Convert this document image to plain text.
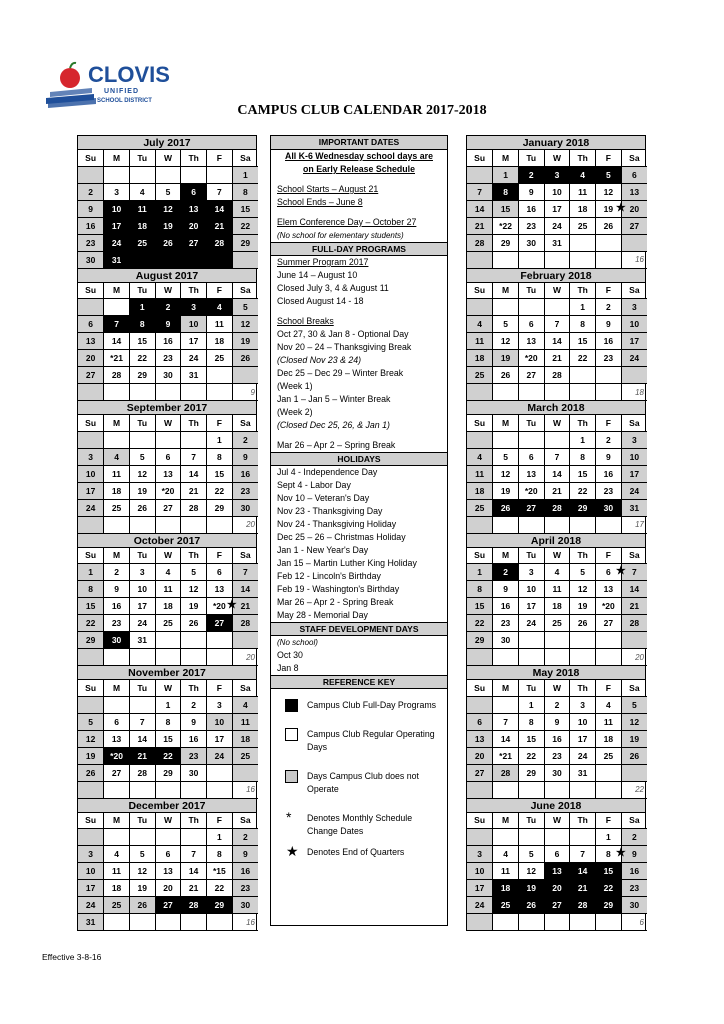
CLOVIS
UNIFIED
SCHOOL DISTRICT
CAMPUS CLUB CALENDAR 2017-2018
July 2017
Su	M	Tu	W	Th	F	Sa
						1
2	3	4	5	6	7	8
9	10	11	12	13	14	15
16	17	18	19	20	21	22
23	24	25	26	27	28	29
30	31					
August 2017
Su	M	Tu	W	Th	F	Sa
		1	2	3	4	5
6	7	8	9	10	11	12
13	14	15	16	17	18	19
20	*21	22	23	24	25	26
27	28	29	30	31		
						9
September 2017
Su	M	Tu	W	Th	F	Sa
					1	2
3	4	5	6	7	8	9
10	11	12	13	14	15	16
17	18	19	*20	21	22	23
24	25	26	27	28	29	30
						20
October 2017
Su	M	Tu	W	Th	F	Sa
1	2	3	4	5	6	7
8	9	10	11	12	13	14
15	16	17	18	19	*20 ★	21
22	23	24	25	26	27	28
29	30	31				
						20
November 2017
Su	M	Tu	W	Th	F	Sa
			1	2	3	4
5	6	7	8	9	10	11
12	13	14	15	16	17	18
19	*20	21	22	23	24	25
26	27	28	29	30		
						16
December 2017
Su	M	Tu	W	Th	F	Sa
					1	2
3	4	5	6	7	8	9
10	11	12	13	14	*15	16
17	18	19	20	21	22	23
24	25	26	27	28	29	30
31						16
January 2018
Su	M	Tu	W	Th	F	Sa
	1	2	3	4	5	6
7	8	9	10	11	12	13
14	15	16	17	18	19 ★	20
21	*22	23	24	25	26	27
28	29	30	31			
						16
February 2018
Su	M	Tu	W	Th	F	Sa
				1	2	3
4	5	6	7	8	9	10
11	12	13	14	15	16	17
18	19	*20	21	22	23	24
25	26	27	28			
						18
March 2018
Su	M	Tu	W	Th	F	Sa
				1	2	3
4	5	6	7	8	9	10
11	12	13	14	15	16	17
18	19	*20	21	22	23	24
25	26	27	28	29	30	31
						17
April 2018
Su	M	Tu	W	Th	F	Sa
1	2	3	4	5	6 ★	7
8	9	10	11	12	13	14
15	16	17	18	19	*20	21
22	23	24	25	26	27	28
29	30					
						20
May 2018
Su	M	Tu	W	Th	F	Sa
		1	2	3	4	5
6	7	8	9	10	11	12
13	14	15	16	17	18	19
20	*21	22	23	24	25	26
27	28	29	30	31		
						22
June 2018
Su	M	Tu	W	Th	F	Sa
					1	2
3	4	5	6	7	8 ★	9
10	11	12	13	14	15	16
17	18	19	20	21	22	23
24	25	26	27	28	29	30
						6
IMPORTANT DATES
All K-6 Wednesday school days are
on Early Release Schedule
School Starts – August 21
School Ends – June 8
Elem Conference Day – October 27
(No school for elementary students)
FULL-DAY PROGRAMS
Summer Program 2017
June 14 – August 10
Closed July 3, 4 & August 11
Closed August 14 - 18
School Breaks
Oct 27, 30 & Jan 8 - Optional Day
Nov 20 – 24 – Thanksgiving Break
(Closed Nov 23 & 24)
Dec 25 – Dec 29 – Winter Break
(Week 1)
Jan 1 – Jan 5 – Winter Break
(Week 2)
(Closed Dec 25, 26, & Jan 1)
Mar 26 – Apr 2 – Spring Break
HOLIDAYS
Jul 4 - Independence Day
Sept 4 - Labor Day
Nov 10 – Veteran's Day
Nov 23 - Thanksgiving Day
Nov 24 - Thanksgiving Holiday
Dec 25 – 26 – Christmas Holiday
Jan 1 - New Year's Day
Jan 15 – Martin Luther King Holiday
Feb 12 - Lincoln's Birthday
Feb 19 - Washington's Birthday
Mar 26 – Apr 2 - Spring Break
May 28 - Memorial Day
STAFF DEVELOPMENT DAYS
(No school)
Oct 30
Jan 8
REFERENCE KEY
Campus Club Full-Day Programs
Campus Club Regular Operating
Days
Days Campus Club does not
Operate
* Denotes Monthly Schedule
Change Dates
★ Denotes End of Quarters
Effective 3-8-16
